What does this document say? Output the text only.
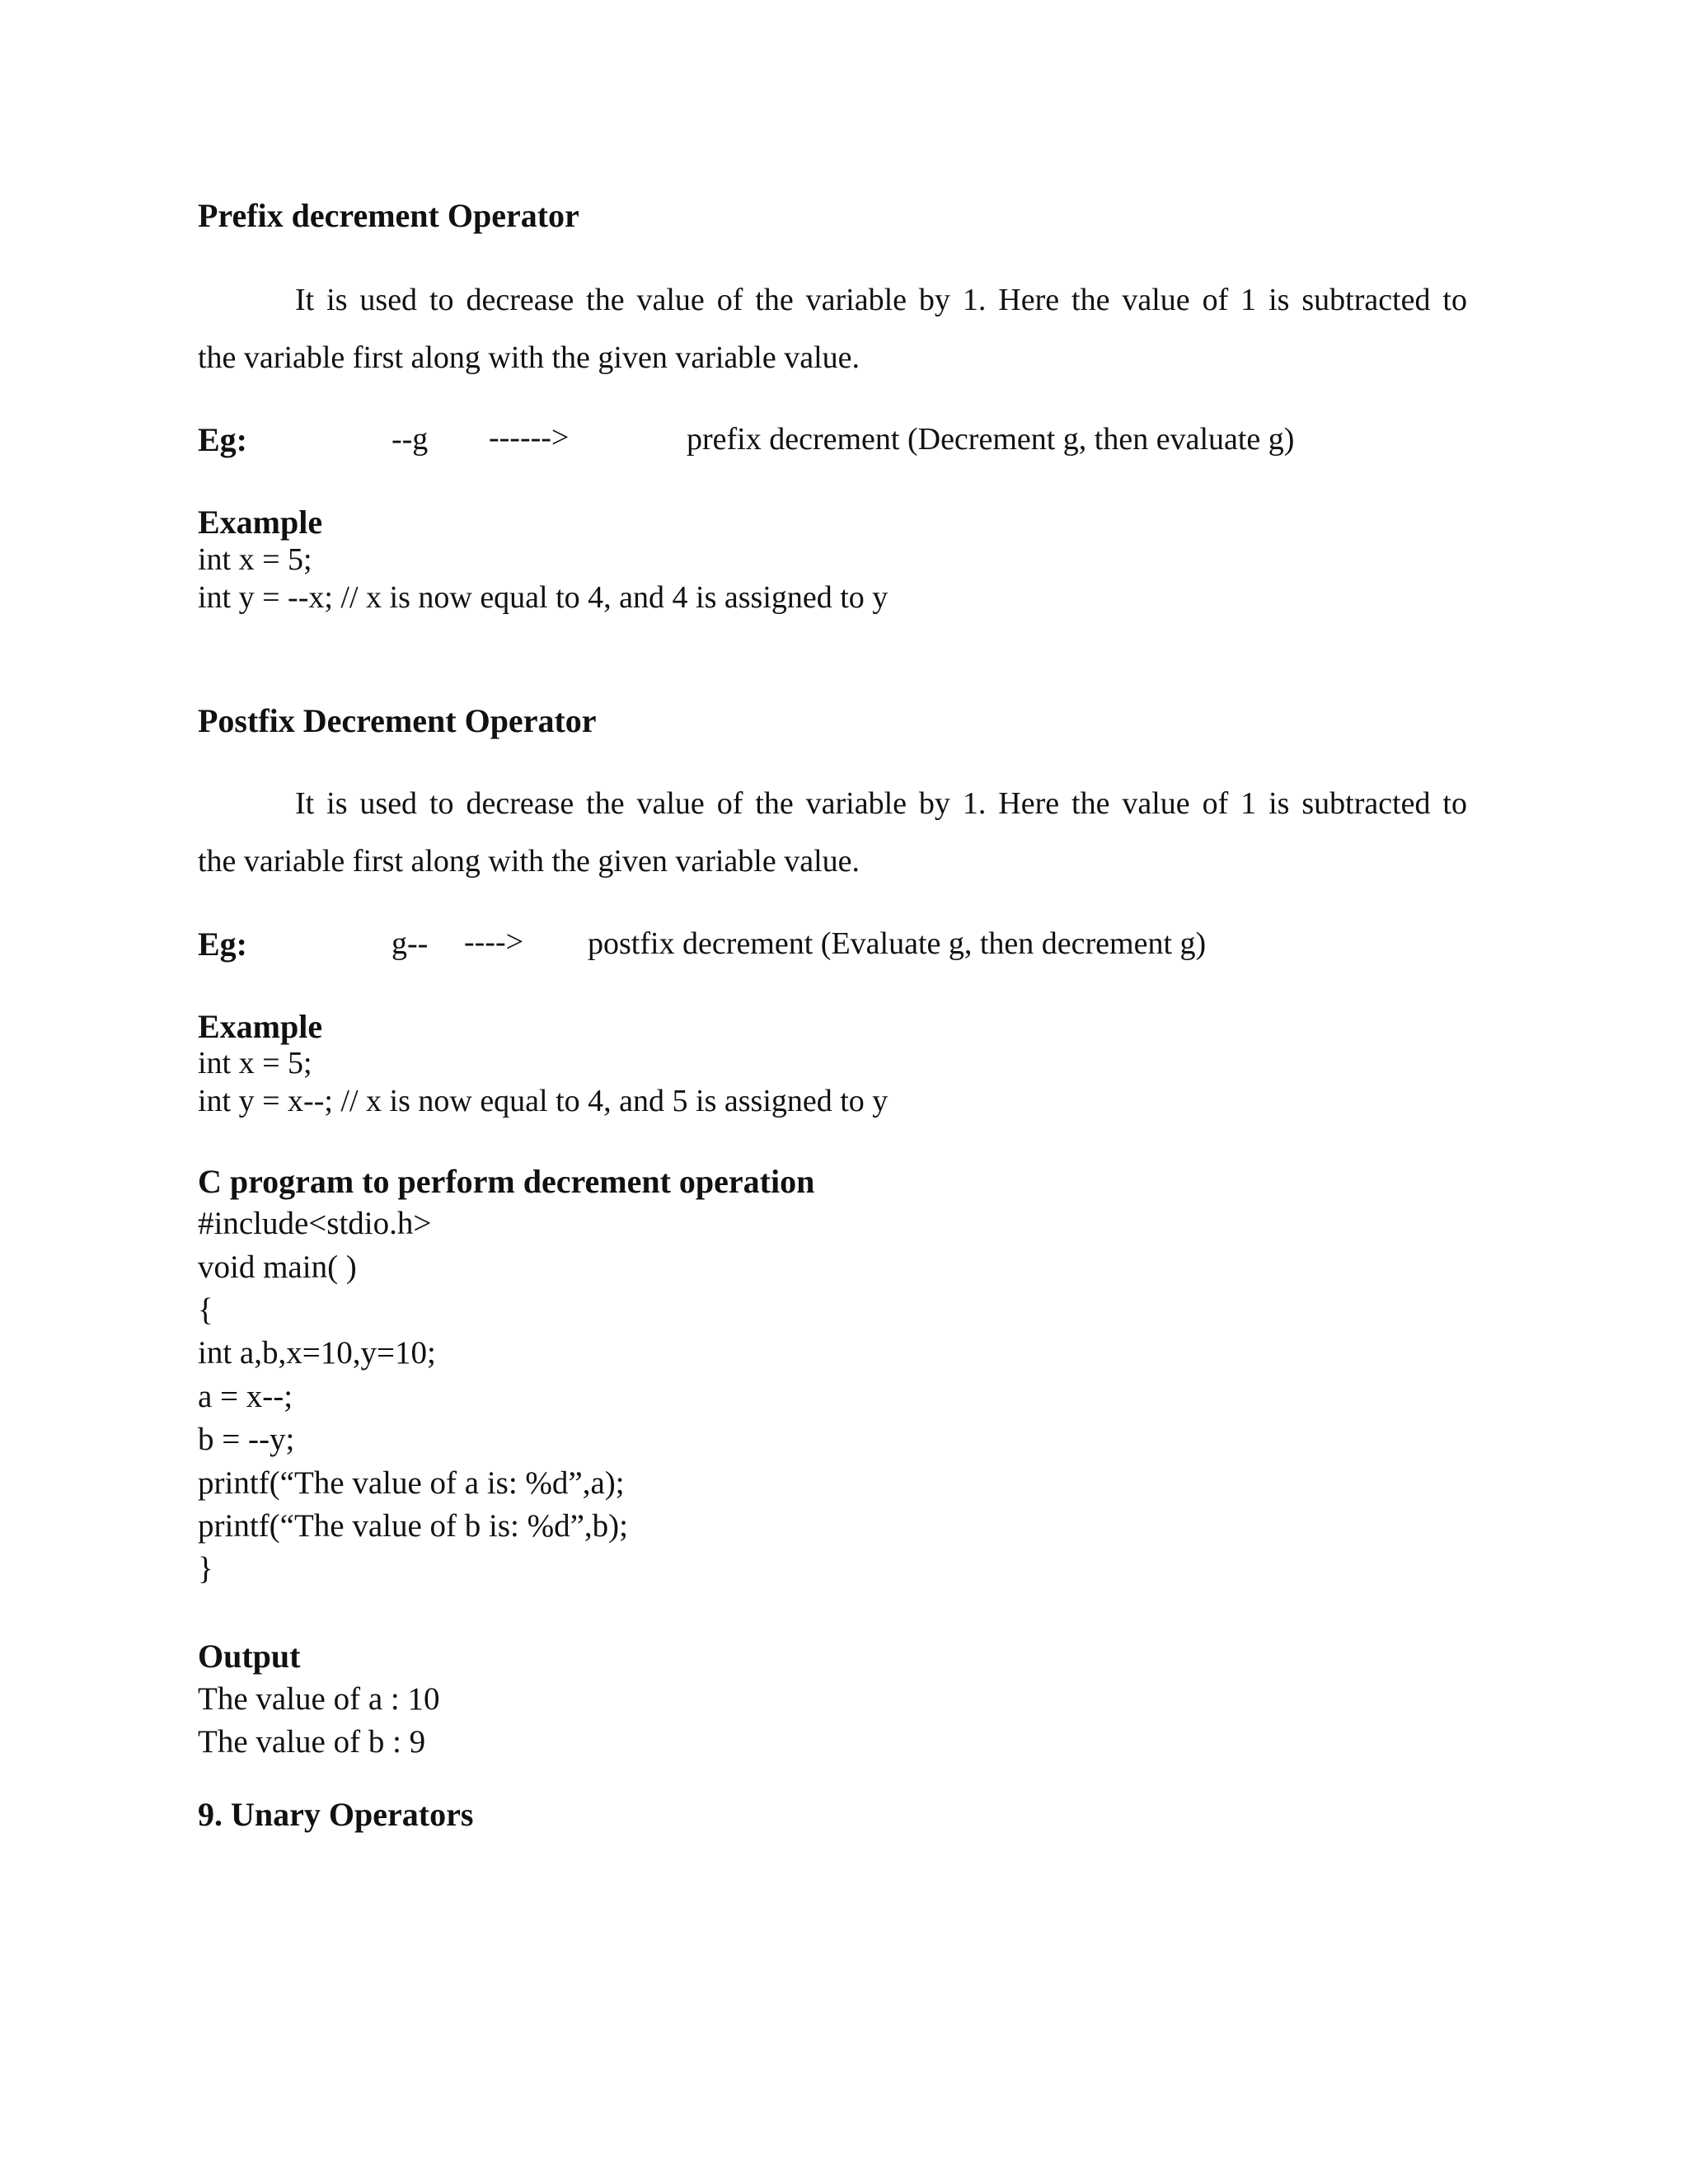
Prefix decrement Operator
It is used to decrease the value of the variable by 1. Here the value of 1 is subtracted to
the variable first along with the given variable value.
Eg:	--g ------>	prefix decrement (Decrement g, then evaluate g)
Example
int x = 5;
int y = --x; // x is now equal to 4, and 4 is assigned to y
Postfix Decrement Operator
It is used to decrease the value of the variable by 1. Here the value of 1 is subtracted to
the variable first along with the given variable value.
Eg:	g-- ----> postfix decrement (Evaluate g, then decrement g)
Example
int x = 5;
int y = x--; // x is now equal to 4, and 5 is assigned to y
C program to perform decrement operation
#include<stdio.h>
void main( )
{
int a,b,x=10,y=10;
a = x--;
b = --y;
printf(“The value of a is: %d”,a);
printf(“The value of b is: %d”,b);
}
Output
The value of a : 10
The value of b : 9
9. Unary Operators
